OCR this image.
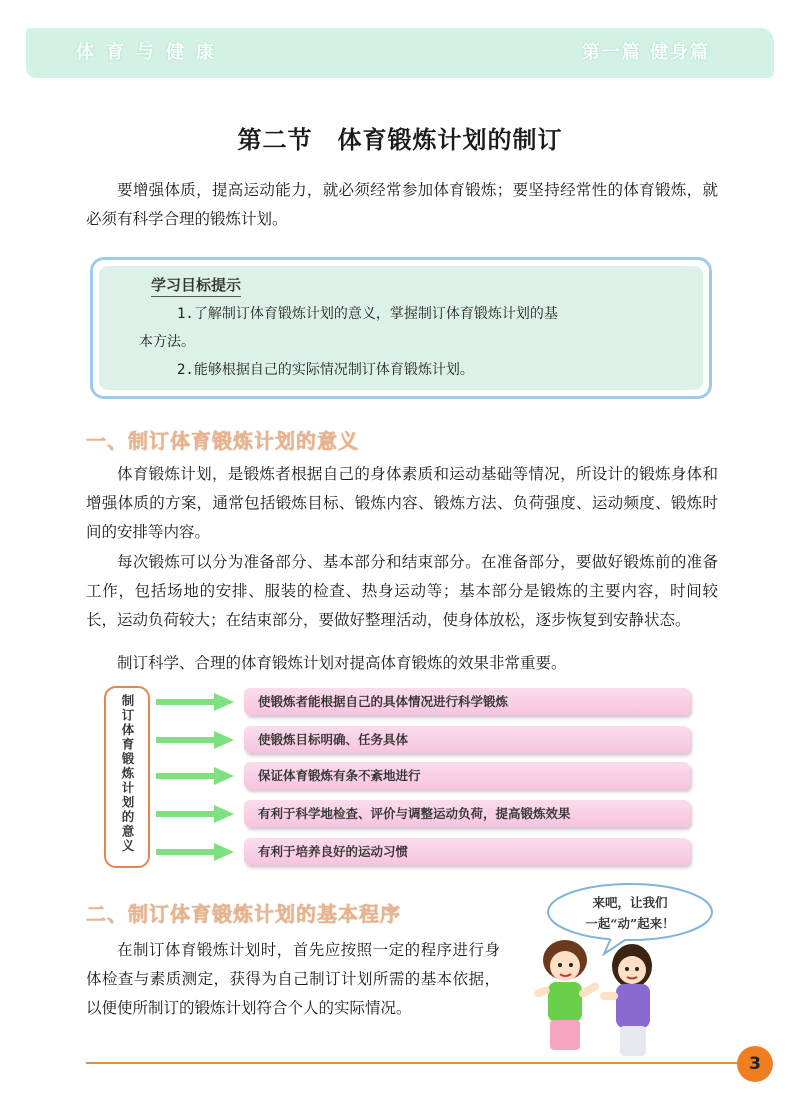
体育与健康	第一篇 健身篇
第二节　体育锻炼计划的制订

要增强体质，提高运动能力，就必须经常参加体育锻炼；要坚持经常性的体育锻炼，就必须有科学合理的锻炼计划。

学习目标提示
1.了解制订体育锻炼计划的意义，掌握制订体育锻炼计划的基
本方法。
2.能够根据自己的实际情况制订体育锻炼计划。
一、制订体育锻炼计划的意义

体育锻炼计划，是锻炼者根据自己的身体素质和运动基础等情况，所设计的锻炼身体和增强体质的方案，通常包括锻炼目标、锻炼内容、锻炼方法、负荷强度、运动频度、锻炼时间的安排等内容。

每次锻炼可以分为准备部分、基本部分和结束部分。在准备部分，要做好锻炼前的准备工作，包括场地的安排、服装的检查、热身运动等；基本部分是锻炼的主要内容，时间较长，运动负荷较大；在结束部分，要做好整理活动，使身体放松，逐步恢复到安静状态。

制订科学、合理的体育锻炼计划对提高体育锻炼的效果非常重要。

制订体育锻炼计划的意义	使锻炼者能根据自己的具体情况进行科学锻炼
使锻炼目标明确、任务具体
保证体育锻炼有条不紊地进行
有利于科学地检查、评价与调整运动负荷，提高锻炼效果
有利于培养良好的运动习惯
二、制订体育锻炼计划的基本程序

在制订体育锻炼计划时，首先应按照一定的程序进行身体检查与素质测定，获得为自己制订计划所需的基本依据，以便使所制订的锻炼计划符合个人的实际情况。

来吧，让我们
一起“动”起来！
3
